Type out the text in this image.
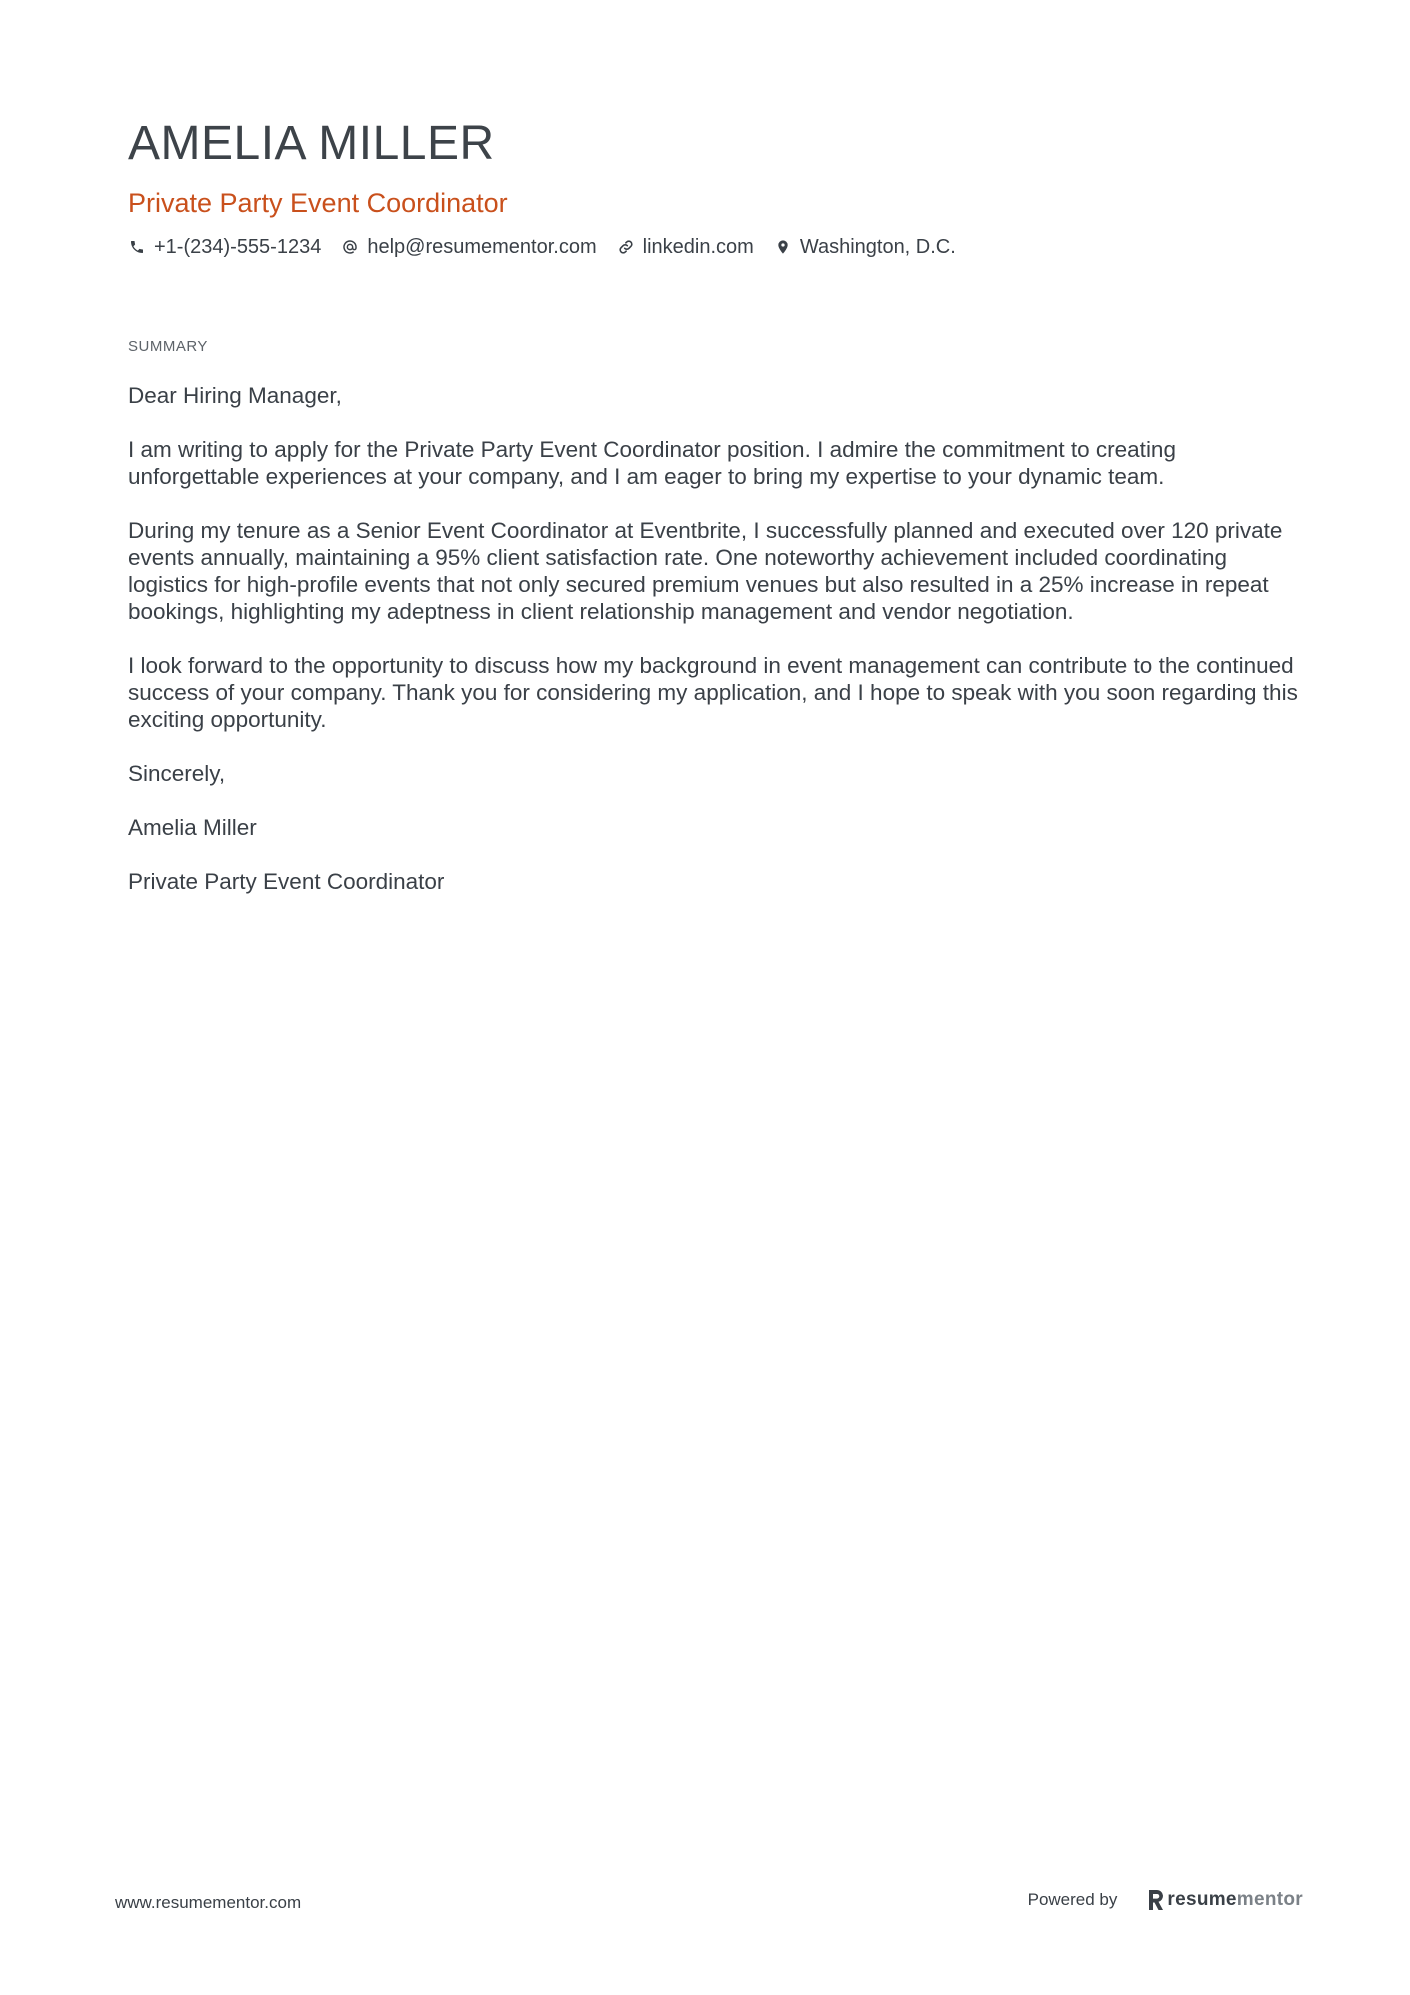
AMELIA MILLER
Private Party Event Coordinator
+1-(234)-555-1234 help@resumementor.com linkedin.com Washington, D.C.
SUMMARY

Dear Hiring Manager,

I am writing to apply for the Private Party Event Coordinator position. I admire the commitment to creating unforgettable experiences at your company, and I am eager to bring my expertise to your dynamic team.

During my tenure as a Senior Event Coordinator at Eventbrite, I successfully planned and executed over 120 private events annually, maintaining a 95% client satisfaction rate. One noteworthy achievement included coordinating logistics for high-profile events that not only secured premium venues but also resulted in a 25% increase in repeat bookings, highlighting my adeptness in client relationship management and vendor negotiation.

I look forward to the opportunity to discuss how my background in event management can contribute to the continued success of your company. Thank you for considering my application, and I hope to speak with you soon regarding this exciting opportunity.

Sincerely,

Amelia Miller

Private Party Event Coordinator

www.resumementor.com	Powered by	resume mentor
